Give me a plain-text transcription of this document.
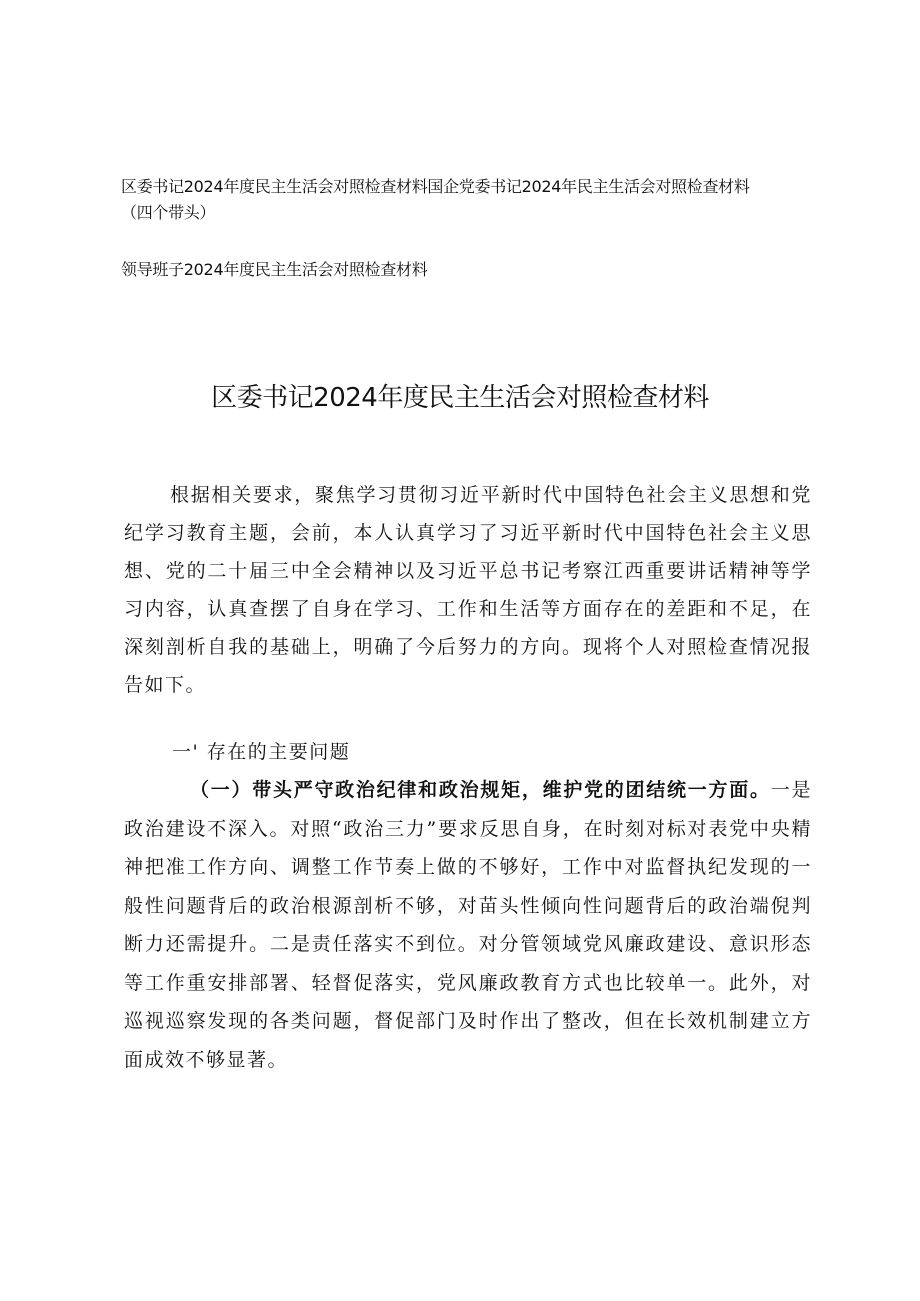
区委书记2024年度民主生活会对照检查材料国企党委书记2024年民主生活会对照检查材料
（四个带头）
领导班子2024年度民主生活会对照检查材料
区委书记2024年度民主生活会对照检查材料
根据相关要求，聚焦学习贯彻习近平新时代中国特色社会主义思想和党纪学习教育主题，会前，本人认真学习了习近平新时代中国特色社会主义思想、党的二十届三中全会精神以及习近平总书记考察江西重要讲话精神等学习内容，认真查摆了自身在学习、工作和生活等方面存在的差距和不足，在深刻剖析自我的基础上，明确了今后努力的方向。现将个人对照检查情况报告如下。
一' 存在的主要问题
（一）带头严守政治纪律和政治规矩，维护党的团结统一方面。一是政治建设不深入。对照“政治三力”要求反思自身，在时刻对标对表党中央精神把准工作方向、调整工作节奏上做的不够好，工作中对监督执纪发现的一般性问题背后的政治根源剖析不够，对苗头性倾向性问题背后的政治端倪判断力还需提升。二是责任落实不到位。对分管领域党风廉政建设、意识形态等工作重安排部署、轻督促落实，党风廉政教育方式也比较单一。此外，对巡视巡察发现的各类问题，督促部门及时作出了整改，但在长效机制建立方面成效不够显著。
